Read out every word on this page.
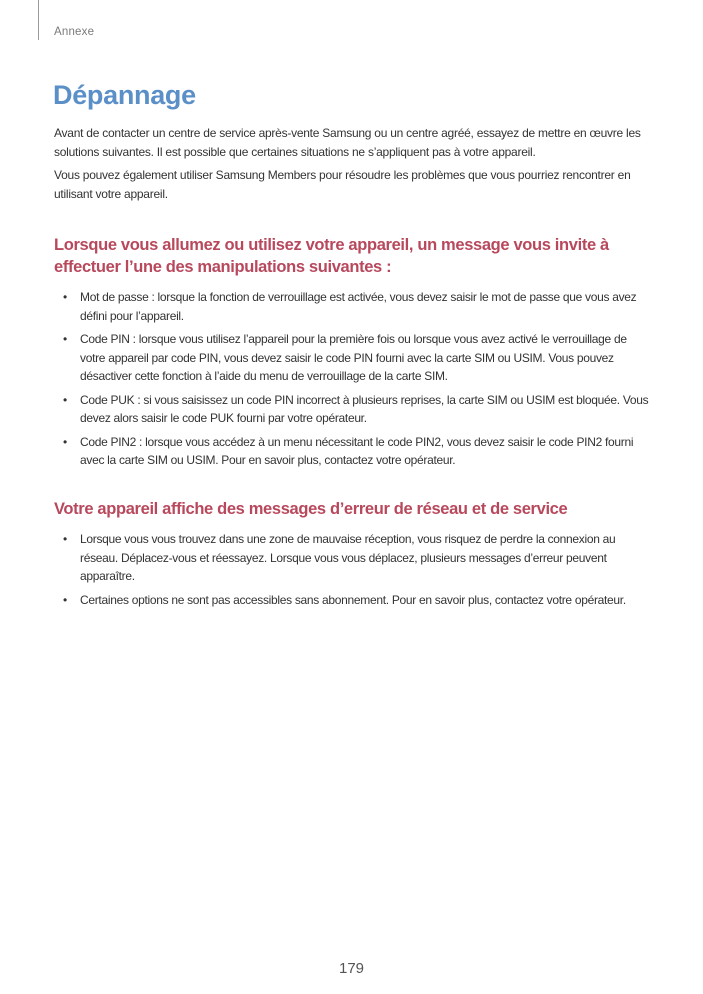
Annexe
Dépannage

Avant de contacter un centre de service après-vente Samsung ou un centre agréé, essayez de mettre en œuvre les solutions suivantes. Il est possible que certaines situations ne s’appliquent pas à votre appareil.

Vous pouvez également utiliser Samsung Members pour résoudre les problèmes que vous pourriez rencontrer en utilisant votre appareil.

Lorsque vous allumez ou utilisez votre appareil, un message vous invite à effectuer l’une des manipulations suivantes :
• Mot de passe : lorsque la fonction de verrouillage est activée, vous devez saisir le mot de passe que vous avez défini pour l’appareil.
• Code PIN : lorsque vous utilisez l’appareil pour la première fois ou lorsque vous avez activé le verrouillage de votre appareil par code PIN, vous devez saisir le code PIN fourni avec la carte SIM ou USIM. Vous pouvez désactiver cette fonction à l’aide du menu de verrouillage de la carte SIM.
• Code PUK : si vous saisissez un code PIN incorrect à plusieurs reprises, la carte SIM ou USIM est bloquée. Vous devez alors saisir le code PUK fourni par votre opérateur.
• Code PIN2 : lorsque vous accédez à un menu nécessitant le code PIN2, vous devez saisir le code PIN2 fourni avec la carte SIM ou USIM. Pour en savoir plus, contactez votre opérateur.
Votre appareil affiche des messages d’erreur de réseau et de service
• Lorsque vous vous trouvez dans une zone de mauvaise réception, vous risquez de perdre la connexion au réseau. Déplacez-vous et réessayez. Lorsque vous vous déplacez, plusieurs messages d’erreur peuvent apparaître.
• Certaines options ne sont pas accessibles sans abonnement. Pour en savoir plus, contactez votre opérateur.
179
